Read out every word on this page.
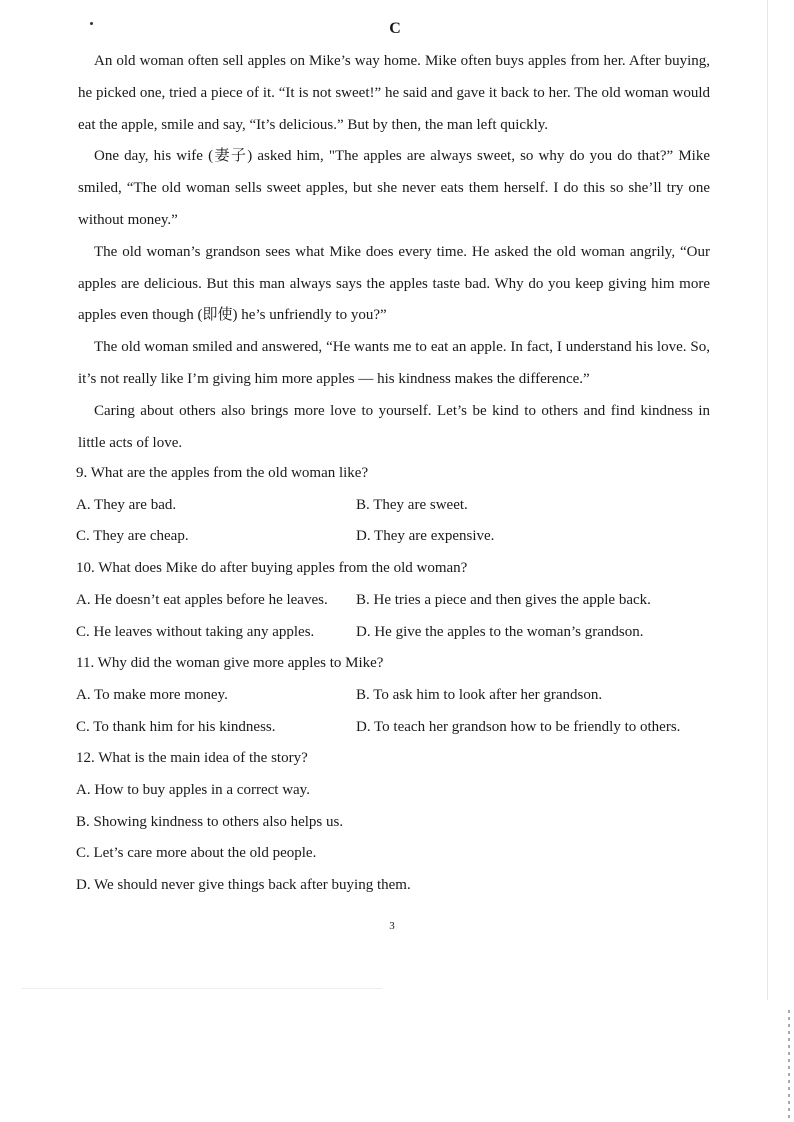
C

An old woman often sell apples on Mike’s way home. Mike often buys apples from her. After buying, he picked one, tried a piece of it. “It is not sweet!” he said and gave it back to her. The old woman would eat the apple, smile and say, “It’s delicious.” But by then, the man left quickly.

One day, his wife (妻子) asked him, "The apples are always sweet, so why do you do that?” Mike smiled, “The old woman sells sweet apples, but she never eats them herself. I do this so she’ll try one without money.”

The old woman’s grandson sees what Mike does every time. He asked the old woman angrily, “Our apples are delicious. But this man always says the apples taste bad. Why do you keep giving him more apples even though (即使) he’s unfriendly to you?”

The old woman smiled and answered, “He wants me to eat an apple. In fact, I understand his love. So, it’s not really like I’m giving him more apples — his kindness makes the difference.”

Caring about others also brings more love to yourself. Let’s be kind to others and find kindness in little acts of love.

9. What are the apples from the old woman like?
A. They are bad.	B. They are sweet.
C. They are cheap.	D. They are expensive.
10. What does Mike do after buying apples from the old woman?
A. He doesn’t eat apples before he leaves.	B. He tries a piece and then gives the apple back.
C. He leaves without taking any apples.	D. He give the apples to the woman’s grandson.
11. Why did the woman give more apples to Mike?
A. To make more money.	B. To ask him to look after her grandson.
C. To thank him for his kindness.	D. To teach her grandson how to be friendly to others.
12. What is the main idea of the story?
A. How to buy apples in a correct way.
B. Showing kindness to others also helps us.
C. Let’s care more about the old people.
D. We should never give things back after buying them.
3
